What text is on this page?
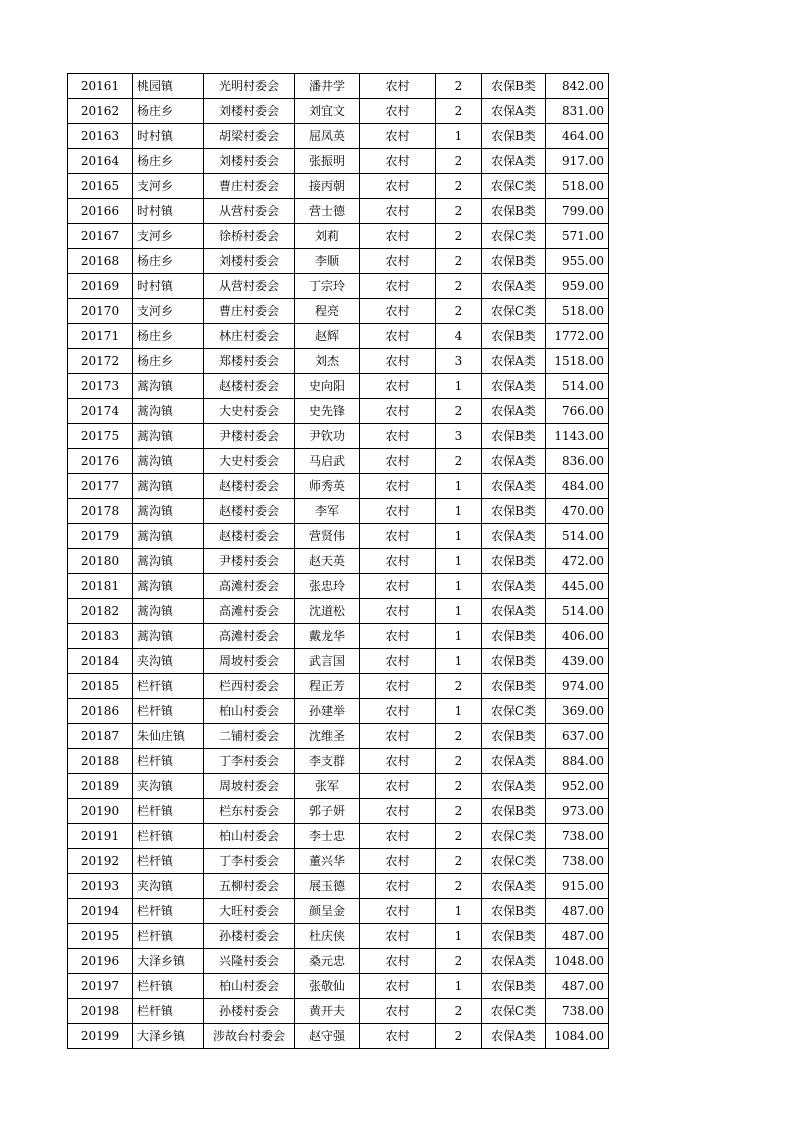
20161	桃园镇	光明村委会	潘井学	农村	2	农保B类	842.00
20162	杨庄乡	刘楼村委会	刘宜文	农村	2	农保A类	831.00
20163	时村镇	胡梁村委会	屈凤英	农村	1	农保B类	464.00
20164	杨庄乡	刘楼村委会	张振明	农村	2	农保A类	917.00
20165	支河乡	曹庄村委会	接丙朝	农村	2	农保C类	518.00
20166	时村镇	从营村委会	营士德	农村	2	农保B类	799.00
20167	支河乡	徐桥村委会	刘莉	农村	2	农保C类	571.00
20168	杨庄乡	刘楼村委会	李顺	农村	2	农保B类	955.00
20169	时村镇	从营村委会	丁宗玲	农村	2	农保A类	959.00
20170	支河乡	曹庄村委会	程亮	农村	2	农保C类	518.00
20171	杨庄乡	林庄村委会	赵辉	农村	4	农保B类	1772.00
20172	杨庄乡	郑楼村委会	刘杰	农村	3	农保A类	1518.00
20173	蒿沟镇	赵楼村委会	史向阳	农村	1	农保A类	514.00
20174	蒿沟镇	大史村委会	史先锋	农村	2	农保A类	766.00
20175	蒿沟镇	尹楼村委会	尹钦功	农村	3	农保B类	1143.00
20176	蒿沟镇	大史村委会	马启武	农村	2	农保A类	836.00
20177	蒿沟镇	赵楼村委会	师秀英	农村	1	农保A类	484.00
20178	蒿沟镇	赵楼村委会	李军	农村	1	农保B类	470.00
20179	蒿沟镇	赵楼村委会	营贤伟	农村	1	农保A类	514.00
20180	蒿沟镇	尹楼村委会	赵天英	农村	1	农保B类	472.00
20181	蒿沟镇	高滩村委会	张忠玲	农村	1	农保A类	445.00
20182	蒿沟镇	高滩村委会	沈道松	农村	1	农保A类	514.00
20183	蒿沟镇	高滩村委会	戴龙华	农村	1	农保B类	406.00
20184	夹沟镇	周坡村委会	武言国	农村	1	农保B类	439.00
20185	栏杆镇	栏西村委会	程正芳	农村	2	农保B类	974.00
20186	栏杆镇	柏山村委会	孙建举	农村	1	农保C类	369.00
20187	朱仙庄镇	二铺村委会	沈维圣	农村	2	农保B类	637.00
20188	栏杆镇	丁李村委会	李支群	农村	2	农保A类	884.00
20189	夹沟镇	周坡村委会	张军	农村	2	农保A类	952.00
20190	栏杆镇	栏东村委会	郭子妍	农村	2	农保B类	973.00
20191	栏杆镇	柏山村委会	李士忠	农村	2	农保C类	738.00
20192	栏杆镇	丁李村委会	董兴华	农村	2	农保C类	738.00
20193	夹沟镇	五柳村委会	展玉德	农村	2	农保A类	915.00
20194	栏杆镇	大旺村委会	颜呈金	农村	1	农保B类	487.00
20195	栏杆镇	孙楼村委会	杜庆侠	农村	1	农保B类	487.00
20196	大泽乡镇	兴隆村委会	桑元忠	农村	2	农保A类	1048.00
20197	栏杆镇	柏山村委会	张敬仙	农村	1	农保B类	487.00
20198	栏杆镇	孙楼村委会	黄开夫	农村	2	农保C类	738.00
20199	大泽乡镇	涉故台村委会	赵守强	农村	2	农保A类	1084.00
